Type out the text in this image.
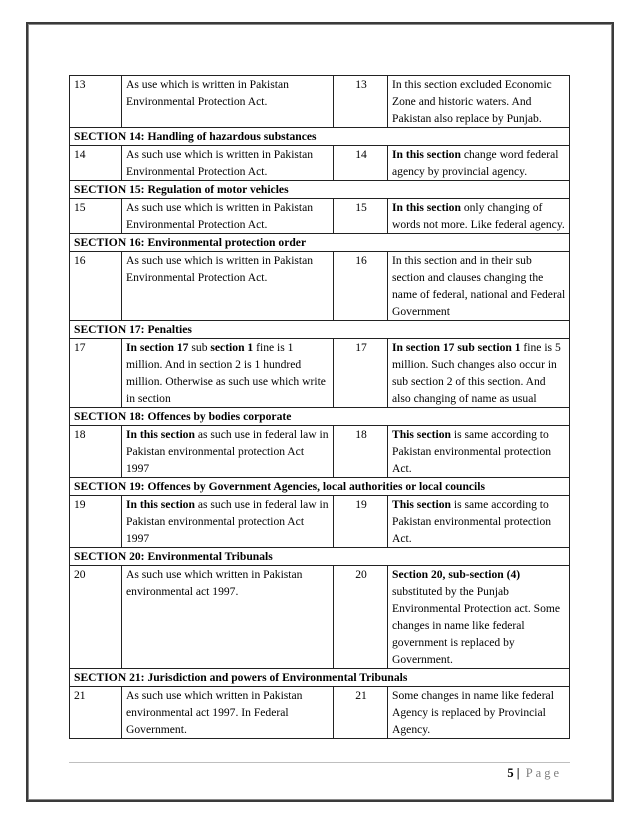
13	As use which is written in Pakistan Environmental Protection Act.	13	In this section excluded Economic Zone and historic waters. And Pakistan also replace by Punjab.
SECTION 14: Handling of hazardous substances			
14	As such use which is written in Pakistan Environmental Protection Act.	14	In this section change word federal agency by provincial agency.
SECTION 15: Regulation of motor vehicles			
15	As such use which is written in Pakistan Environmental Protection Act.	15	In this section only changing of words not more. Like federal agency.
SECTION 16: Environmental protection order			
16	As such use which is written in Pakistan Environmental Protection Act.	16	In this section and in their sub section and clauses changing the name of federal, national and Federal Government
SECTION 17: Penalties			
17	In section 17 sub section 1 fine is 1 million. And in section 2 is 1 hundred million. Otherwise as such use which write in section	17	In section 17 sub section 1 fine is 5 million. Such changes also occur in sub section 2 of this section. And also changing of name as usual
SECTION 18: Offences by bodies corporate			
18	In this section as such use in federal law in Pakistan environmental protection Act 1997	18	This section is same according to Pakistan environmental protection Act.
SECTION 19: Offences by Government Agencies, local authorities or local councils			
19	In this section as such use in federal law in Pakistan environmental protection Act 1997	19	This section is same according to Pakistan environmental protection Act.
SECTION 20: Environmental Tribunals			
20	As such use which written in Pakistan environmental act 1997.	20	Section 20, sub-section (4) substituted by the Punjab Environmental Protection act. Some changes in name like federal government is replaced by Government.
SECTION 21: Jurisdiction and powers of Environmental Tribunals			
21	As such use which written in Pakistan environmental act 1997. In Federal Government.	21	Some changes in name like federal Agency is replaced by Provincial Agency.
5 | Page
